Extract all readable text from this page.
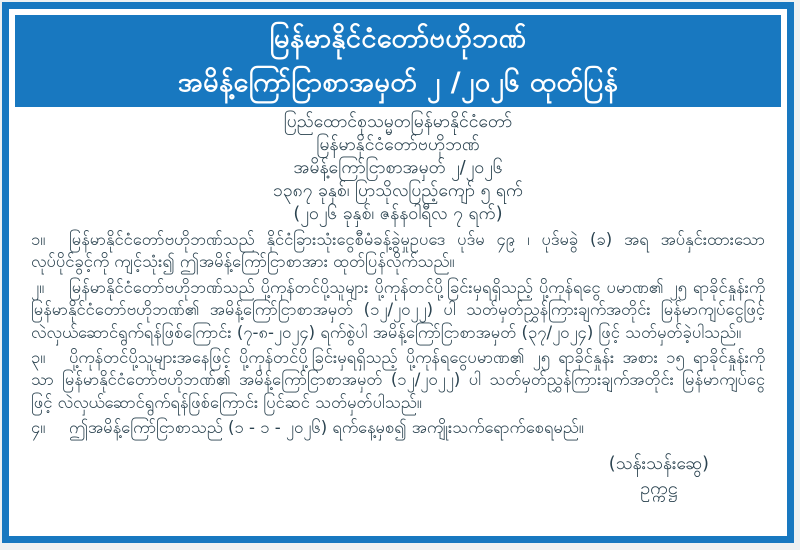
မြန်မာနိုင်ငံတော်ဗဟိုဘဏ်
အမိန့်ကြော်ငြာစာအမှတ် ၂ /၂၀၂၆ ထုတ်ပြန်
ပြည်ထောင်စုသမ္မတမြန်မာနိုင်ငံတော်
မြန်မာနိုင်ငံတော်ဗဟိုဘဏ်
အမိန့်ကြော်ငြာစာအမှတ် ၂/၂၀၂၆
၁၃၈၇ ခုနှစ်၊ ပြာသိုလပြည့်ကျော် ၅ ရက်
(၂၀၂၆ ခုနှစ်၊ ဇန်နဝါရီလ ၇ ရက်)

၁။ မြန်မာနိုင်ငံတော်ဗဟိုဘဏ်သည် နိုင်ငံခြားသုံးငွေစီမံခန့်ခွဲမှုဥပဒေ ပုဒ်မ ၄၉ ၊ ပုဒ်မခွဲ (ခ) အရ အပ်နှင်းထားသော လုပ်ပိုင်ခွင့်ကို ကျင့်သုံး၍ ဤအမိန့်ကြော်ငြာစာအား ထုတ်ပြန်လိုက်သည်။

၂။ မြန်မာနိုင်ငံတော်ဗဟိုဘဏ်သည် ပို့ကုန်တင်ပို့သူများ ပို့ကုန်တင်ပို့ခြင်းမှရရှိသည့် ပို့ကုန်ရငွေ ပမာဏ၏ ၂၅ ရာခိုင်နှုန်းကို မြန်မာနိုင်ငံတော်ဗဟိုဘဏ်၏ အမိန့်ကြော်ငြာစာအမှတ် (၁၂/၂၀၂၂) ပါ သတ်မှတ်ညွှန်ကြားချက်အတိုင်း မြန်မာကျပ်ငွေဖြင့် လဲလှယ်ဆောင်ရွက်ရန်ဖြစ်ကြောင်း (၇-၈-၂၀၂၄) ရက်စွဲပါ အမိန့်ကြော်ငြာစာအမှတ် (၃၇/၂၀၂၄) ဖြင့် သတ်မှတ်ခဲ့ပါသည်။

၃။ ပို့ကုန်တင်ပို့သူများအနေဖြင့် ပို့ကုန်တင်ပို့ခြင်းမှရရှိသည့် ပို့ကုန်ရငွေပမာဏ၏ ၂၅ ရာခိုင်နှုန်း အစား ၁၅ ရာခိုင်နှုန်းကိုသာ မြန်မာနိုင်ငံတော်ဗဟိုဘဏ်၏ အမိန့်ကြော်ငြာစာအမှတ် (၁၂/၂၀၂၂) ပါ သတ်မှတ်ညွှန်ကြားချက်အတိုင်း မြန်မာကျပ်ငွေဖြင့် လဲလှယ်ဆောင်ရွက်ရန်ဖြစ်ကြောင်း ပြင်ဆင် သတ်မှတ်ပါသည်။

၄။ ဤအမိန့်ကြော်ငြာစာသည် (၁ - ၁ - ၂၀၂၆) ရက်နေ့မှစ၍ အကျိုးသက်ရောက်စေရမည်။

(သန်းသန်းဆွေ)
ဥက္ကဋ္ဌ
